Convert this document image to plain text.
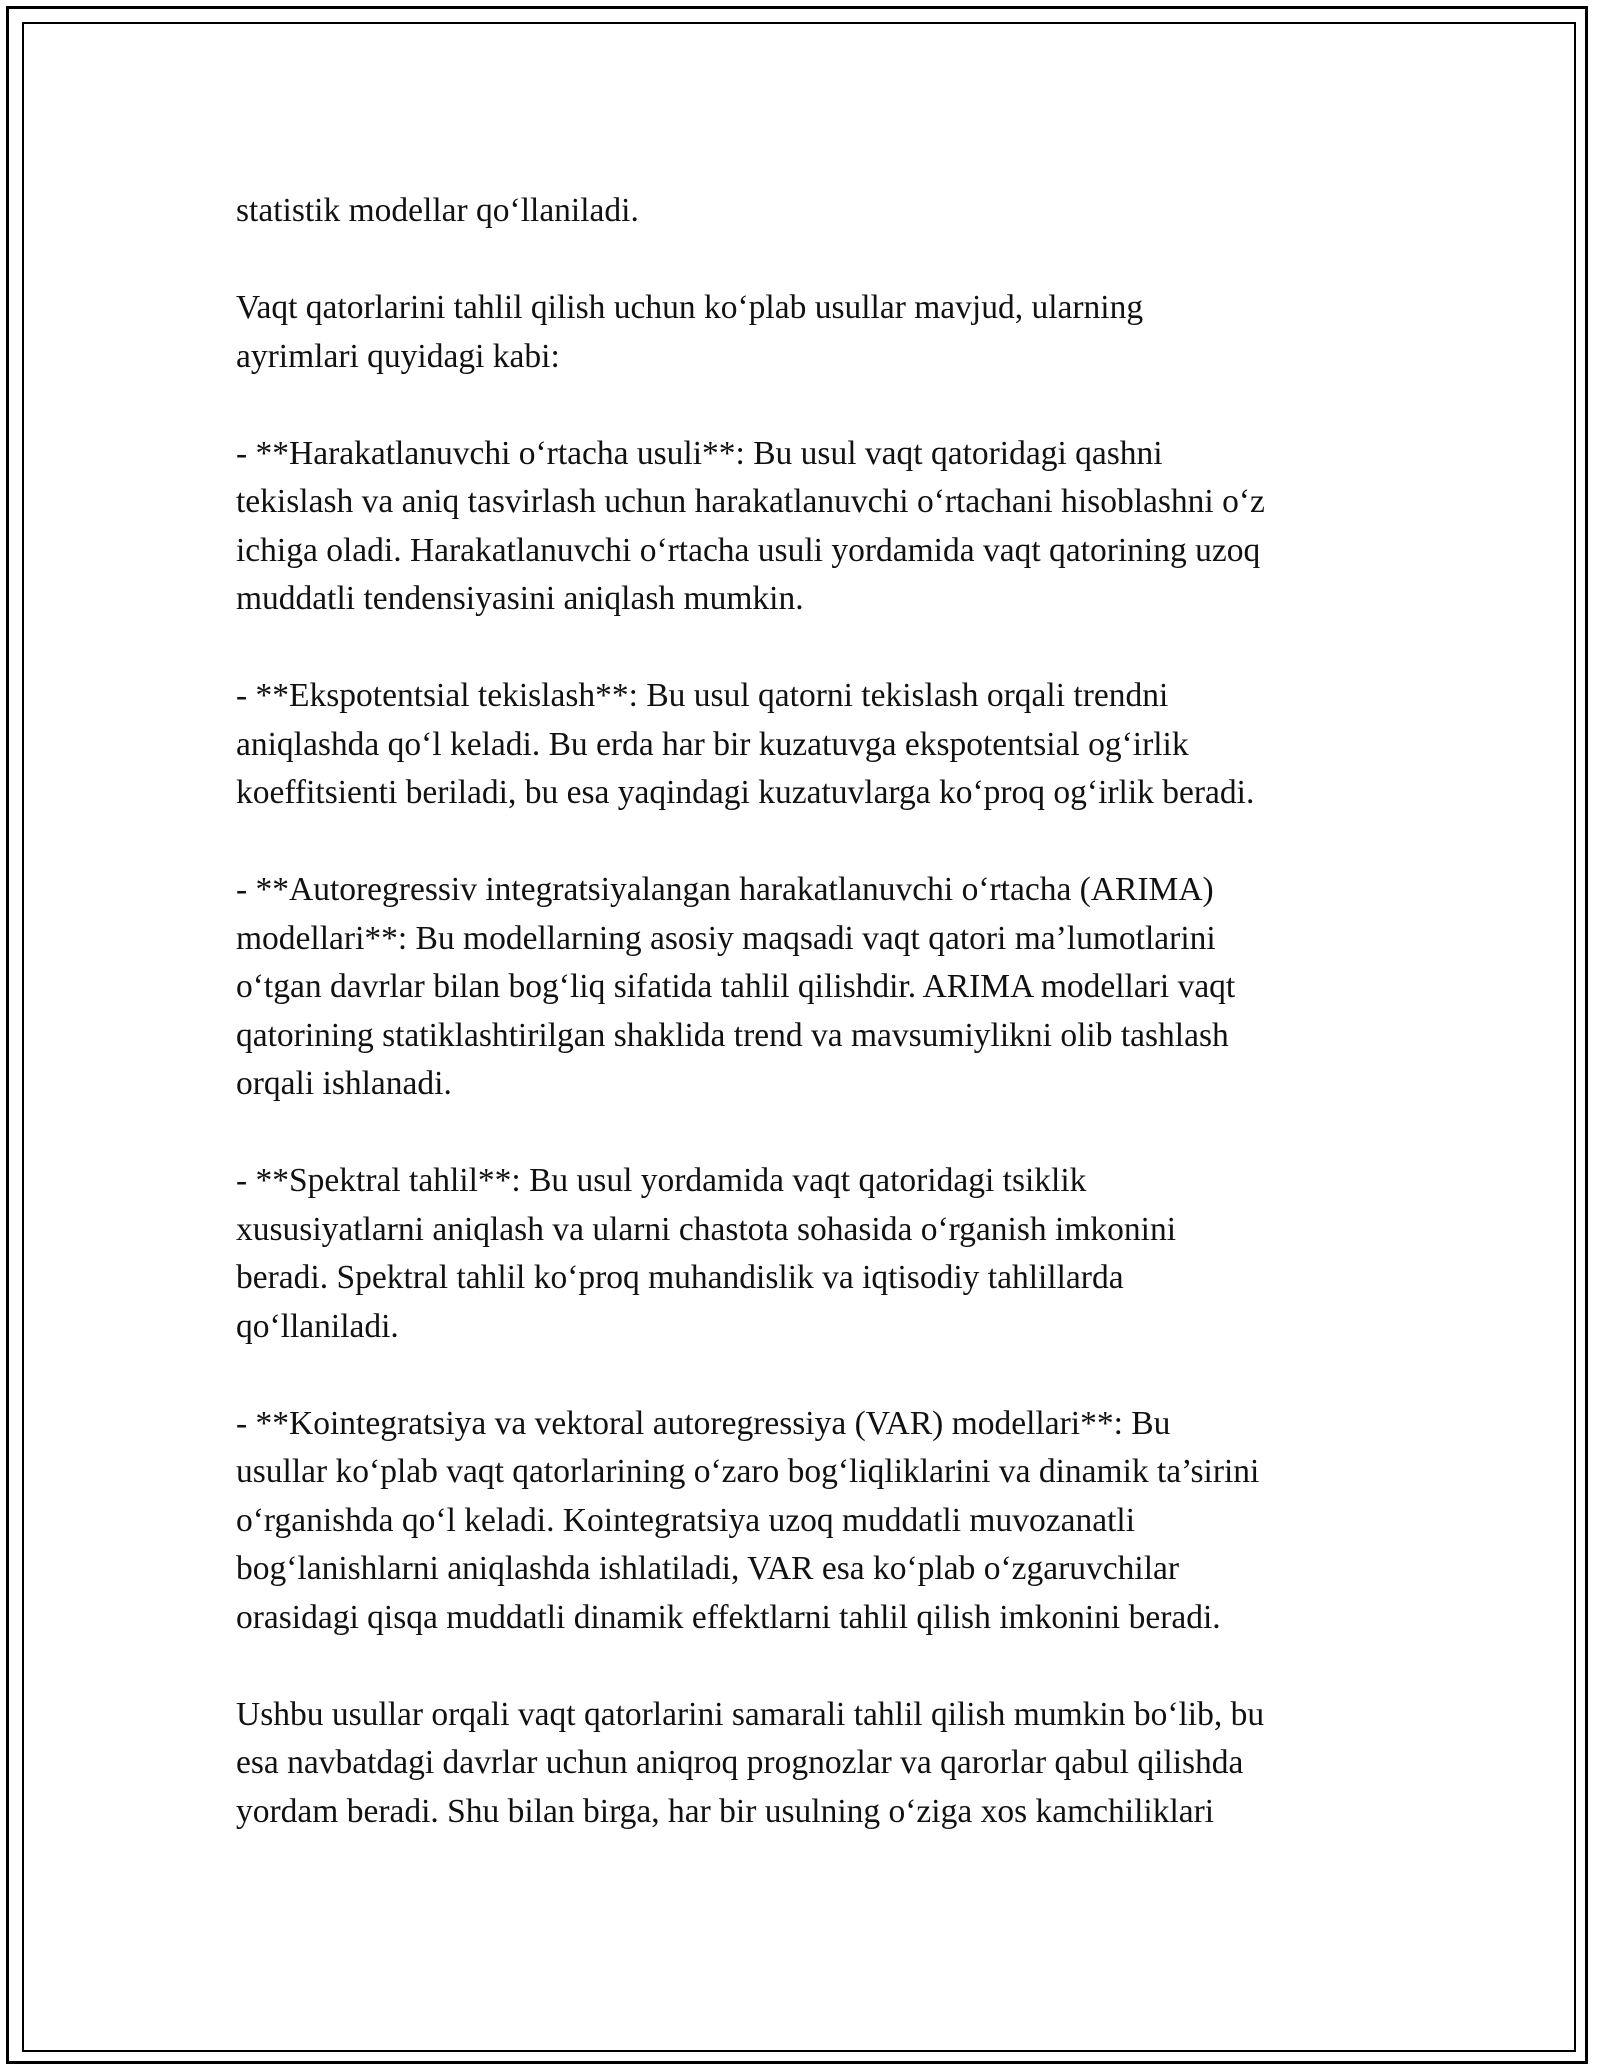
statistik modellar qo‘llaniladi.

Vaqt qatorlarini tahlil qilish uchun ko‘plab usullar mavjud, ularning
ayrimlari quyidagi kabi:

- **Harakatlanuvchi o‘rtacha usuli**: Bu usul vaqt qatoridagi qashni
tekislash va aniq tasvirlash uchun harakatlanuvchi o‘rtachani hisoblashni o‘z
ichiga oladi. Harakatlanuvchi o‘rtacha usuli yordamida vaqt qatorining uzoq
muddatli tendensiyasini aniqlash mumkin.

- **Ekspotentsial tekislash**: Bu usul qatorni tekislash orqali trendni
aniqlashda qo‘l keladi. Bu erda har bir kuzatuvga ekspotentsial og‘irlik
koeffitsienti beriladi, bu esa yaqindagi kuzatuvlarga ko‘proq og‘irlik beradi.

- **Autoregressiv integratsiyalangan harakatlanuvchi o‘rtacha (ARIMA)
modellari**: Bu modellarning asosiy maqsadi vaqt qatori ma’lumotlarini
o‘tgan davrlar bilan bog‘liq sifatida tahlil qilishdir. ARIMA modellari vaqt
qatorining statiklashtirilgan shaklida trend va mavsumiylikni olib tashlash
orqali ishlanadi.

- **Spektral tahlil**: Bu usul yordamida vaqt qatoridagi tsiklik
xususiyatlarni aniqlash va ularni chastota sohasida o‘rganish imkonini
beradi. Spektral tahlil ko‘proq muhandislik va iqtisodiy tahlillarda
qo‘llaniladi.

- **Kointegratsiya va vektoral autoregressiya (VAR) modellari**: Bu
usullar ko‘plab vaqt qatorlarining o‘zaro bog‘liqliklarini va dinamik ta’sirini
o‘rganishda qo‘l keladi. Kointegratsiya uzoq muddatli muvozanatli
bog‘lanishlarni aniqlashda ishlatiladi, VAR esa ko‘plab o‘zgaruvchilar
orasidagi qisqa muddatli dinamik effektlarni tahlil qilish imkonini beradi.

Ushbu usullar orqali vaqt qatorlarini samarali tahlil qilish mumkin bo‘lib, bu
esa navbatdagi davrlar uchun aniqroq prognozlar va qarorlar qabul qilishda
yordam beradi. Shu bilan birga, har bir usulning o‘ziga xos kamchiliklari
